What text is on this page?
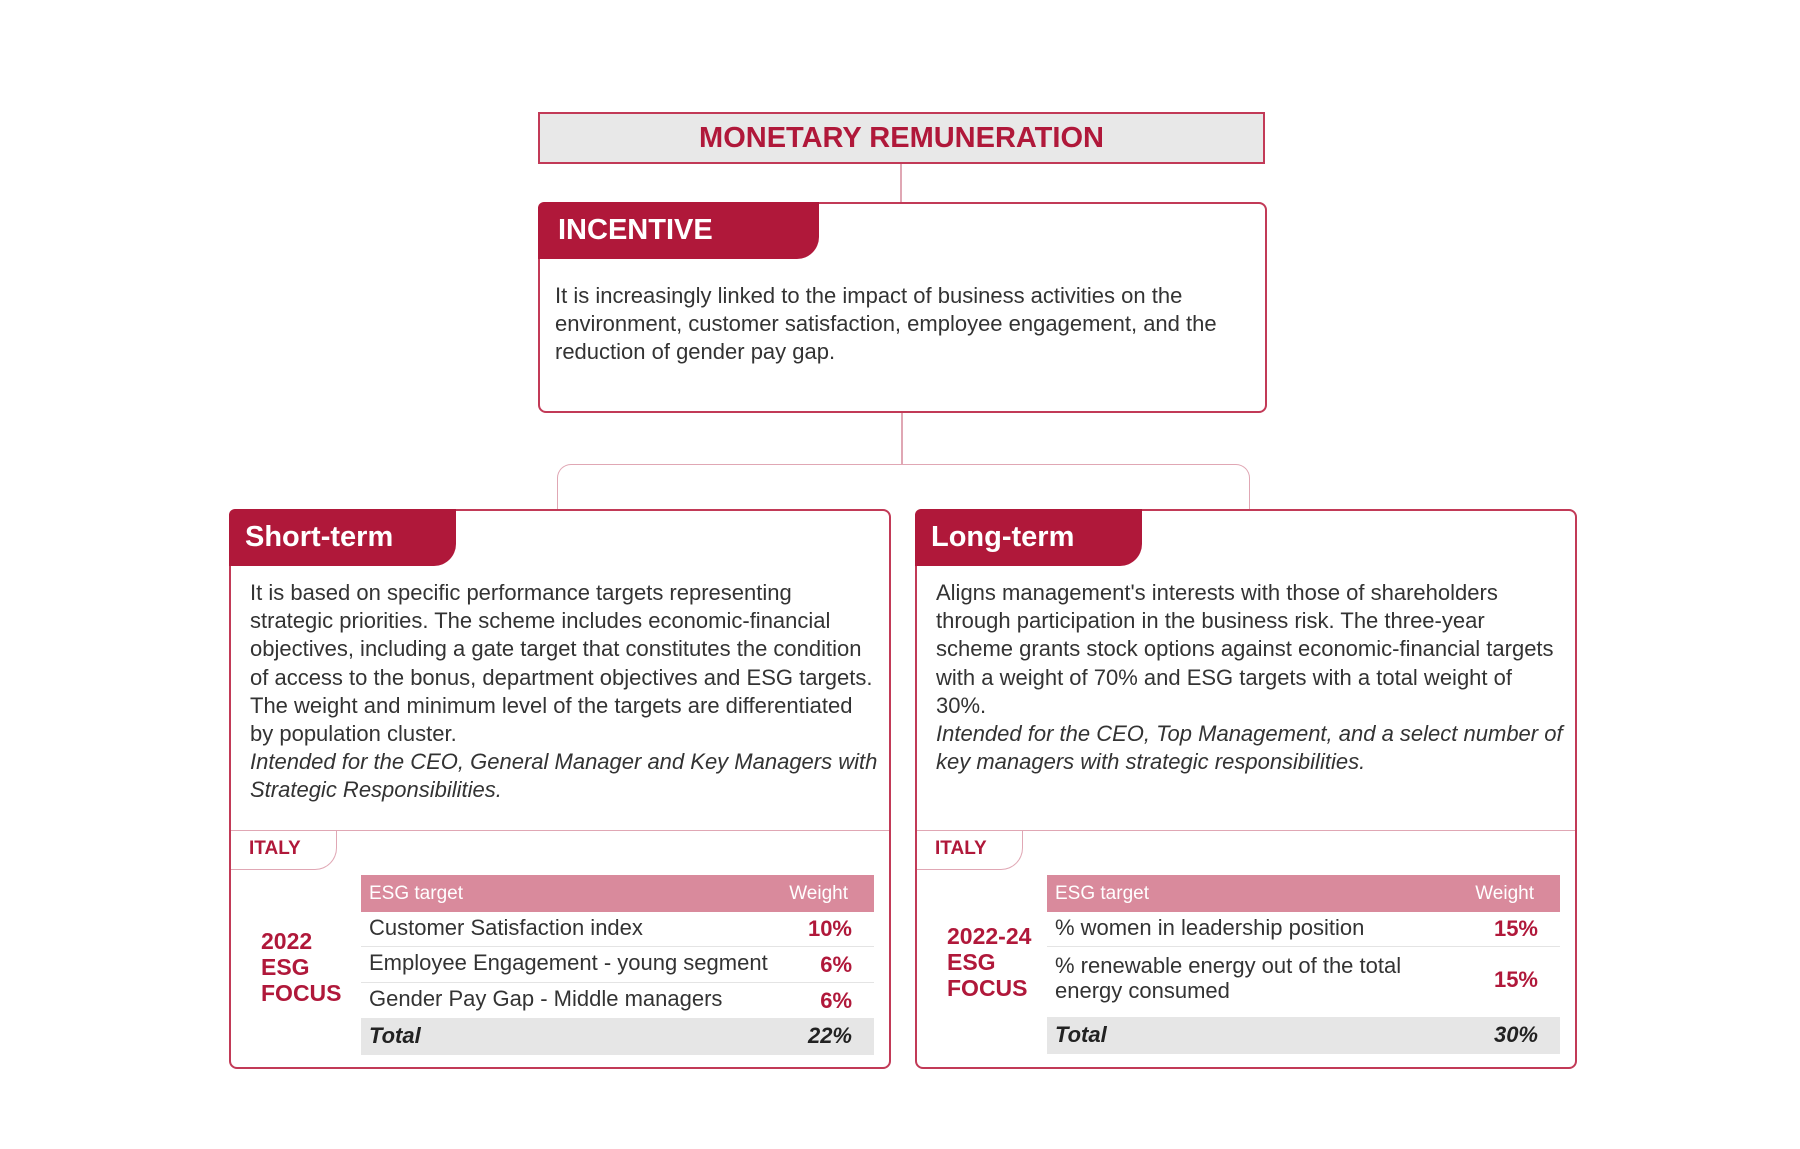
MONETARY REMUNERATION
INCENTIVE
It is increasingly linked to the impact of business activities on the environment, customer satisfaction, employee engagement, and the reduction of gender pay gap.
Short-term
It is based on specific performance targets representing strategic priorities. The scheme includes economic-financial objectives, including a gate target that constitutes the condition of access to the bonus, department objectives and ESG targets. The weight and minimum level of the targets are differentiated by population cluster.
Intended for the CEO, General Manager and Key Managers with Strategic Responsibilities.
ITALY
2022
ESG
FOCUS
ESG target	Weight
Customer Satisfaction index	10%
Employee Engagement - young segment 6%
Gender Pay Gap - Middle managers	6%
Total	22%
Long-term
Aligns management's interests with those of shareholders through participation in the business risk. The three-year scheme grants stock options against economic-financial targets with a weight of 70% and ESG targets with a total weight of 30%.
Intended for the CEO, Top Management, and a select number of key managers with strategic responsibilities.
ITALY
2022-24
ESG
FOCUS
ESG target	Weight
% women in leadership position	15%
% renewable energy out of the total energy consumed	15%
Total	30%
